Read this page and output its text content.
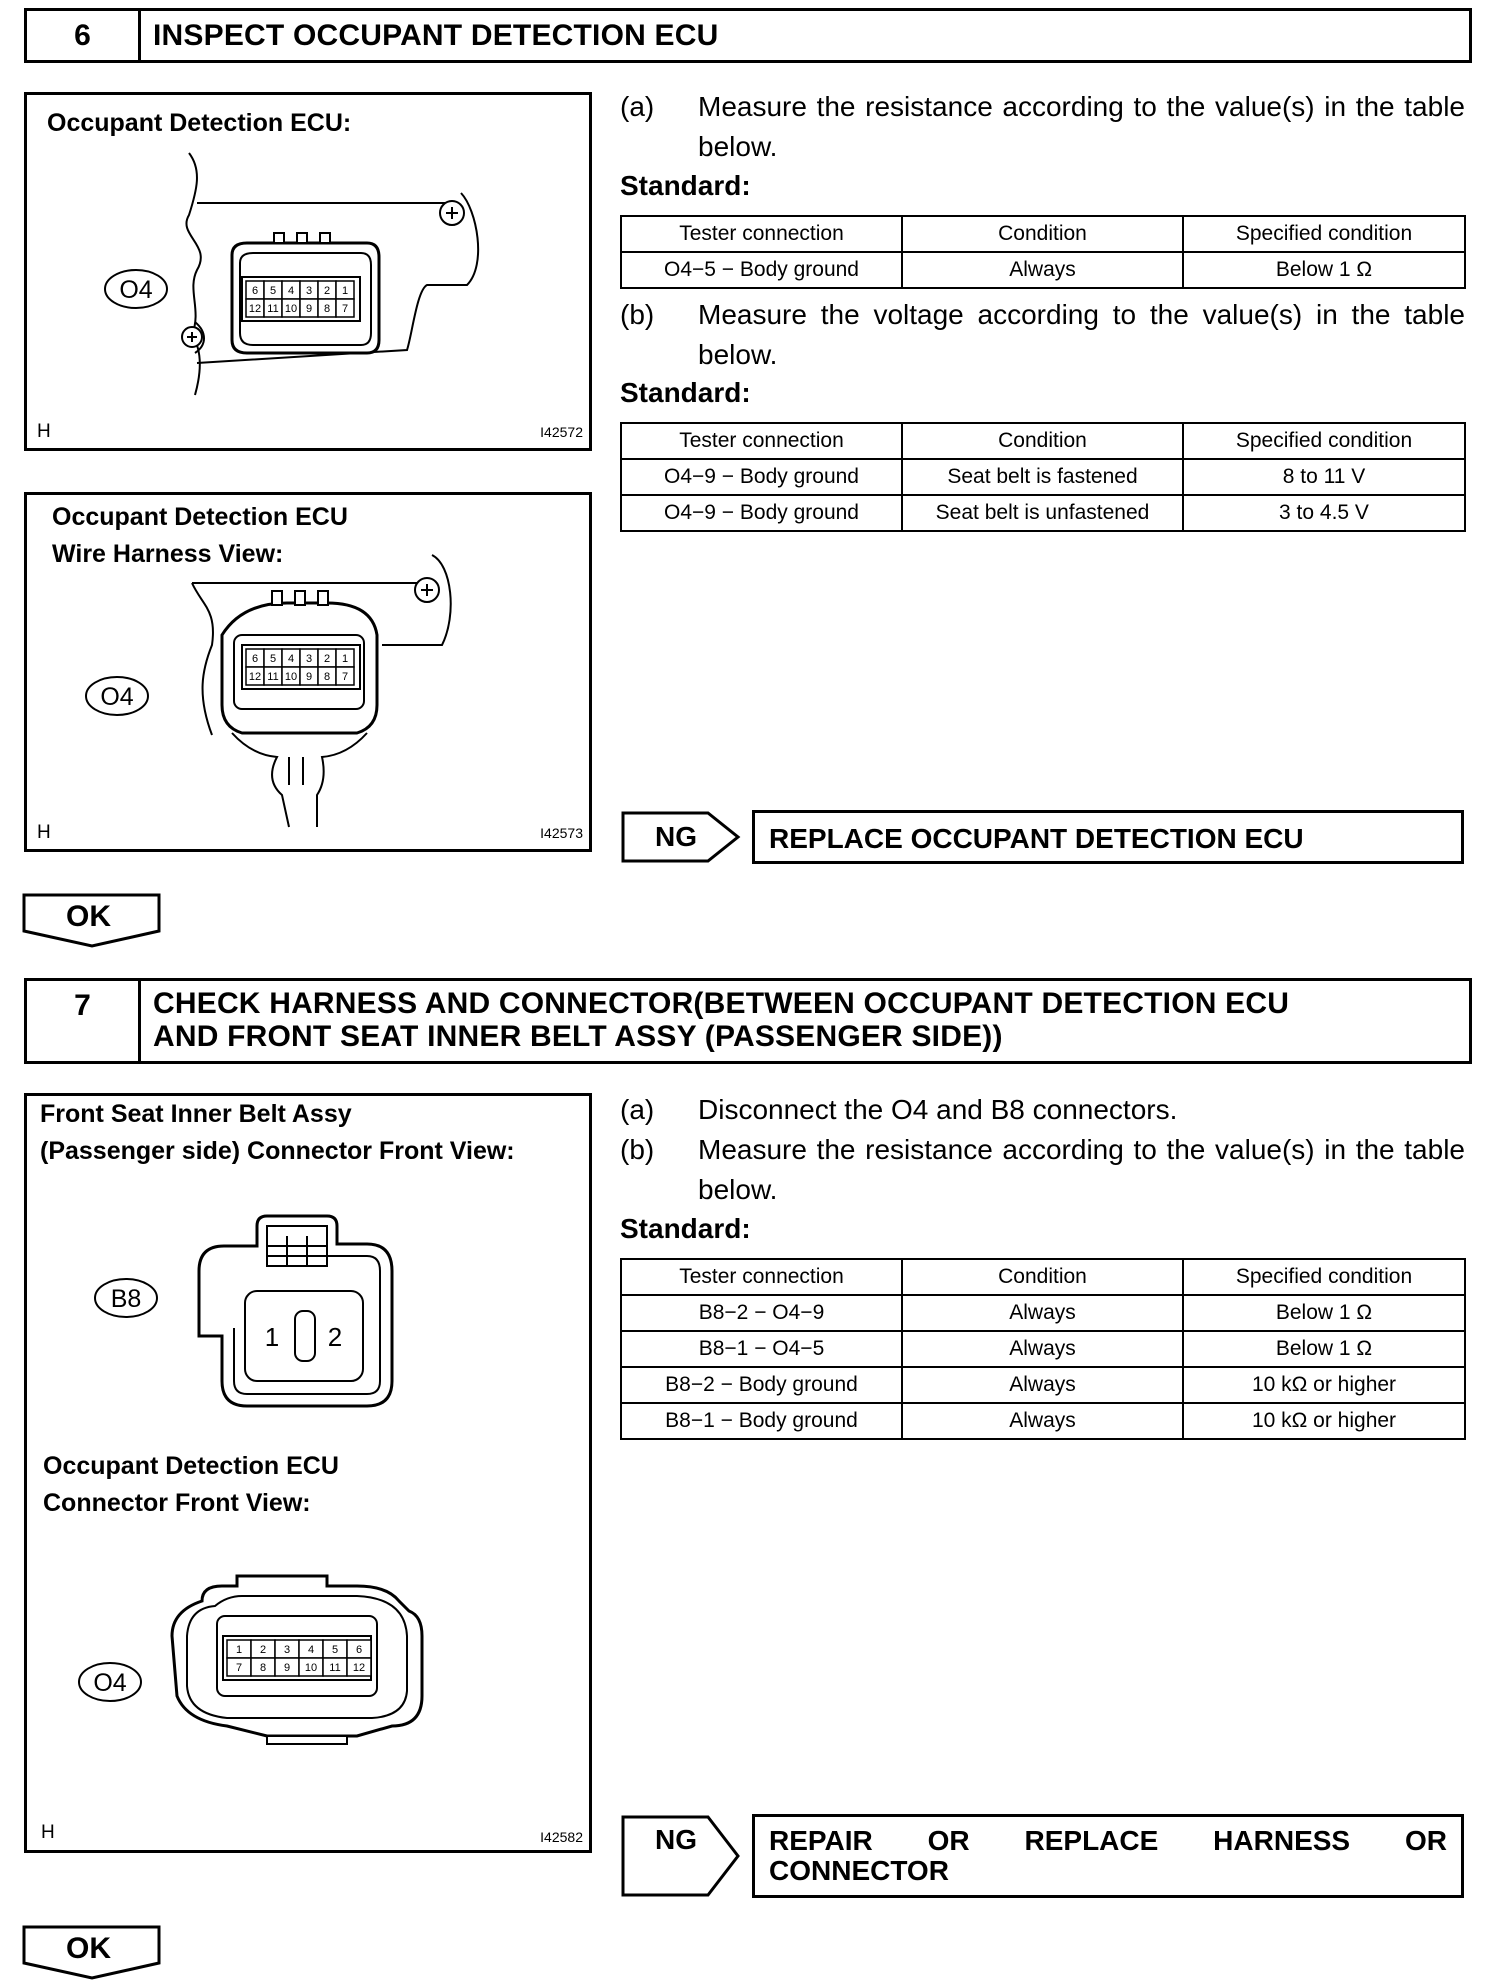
6	INSPECT OCCUPANT DETECTION ECU
Occupant Detection ECU:
6 5 4 3 2 1
12 11 10 9 8 7
O4
H	I42572
Occupant Detection ECU
Wire Harness View:
6 5 4 3 2 1
12 11 10 9 8 7
O4
H	I42573
(a) Measure the resistance according to the value(s) in the table below.
Standard:
Tester connection	Condition	Specified condition
O4−5 − Body ground	Always	Below 1 Ω
(b) Measure the voltage according to the value(s) in the table below.
Standard:
Tester connection	Condition	Specified condition
O4−9 − Body ground	Seat belt is fastened	8 to 11 V
O4−9 − Body ground	Seat belt is unfastened	3 to 4.5 V
NG	REPLACE OCCUPANT DETECTION ECU
OK
7	CHECK HARNESS AND CONNECTOR(BETWEEN OCCUPANT DETECTION ECU
AND FRONT SEAT INNER BELT ASSY (PASSENGER SIDE))
Front Seat Inner Belt Assy
(Passenger side) Connector Front View:
Occupant Detection ECU
Connector Front View:
1 2
B8
1 2 3 4 5 6
7 8 9 10 11 12
O4
H	I42582
(a) Disconnect the O4 and B8 connectors.
(b) Measure the resistance according to the value(s) in the table below.
Standard:
Tester connection	Condition	Specified condition
B8−2 − O4−9	Always	Below 1 Ω
B8−1 − O4−5	Always	Below 1 Ω
B8−2 − Body ground	Always	10 kΩ or higher
B8−1 − Body ground	Always	10 kΩ or higher
NG	REPAIR OR REPLACE HARNESS OR
CONNECTOR
OK
